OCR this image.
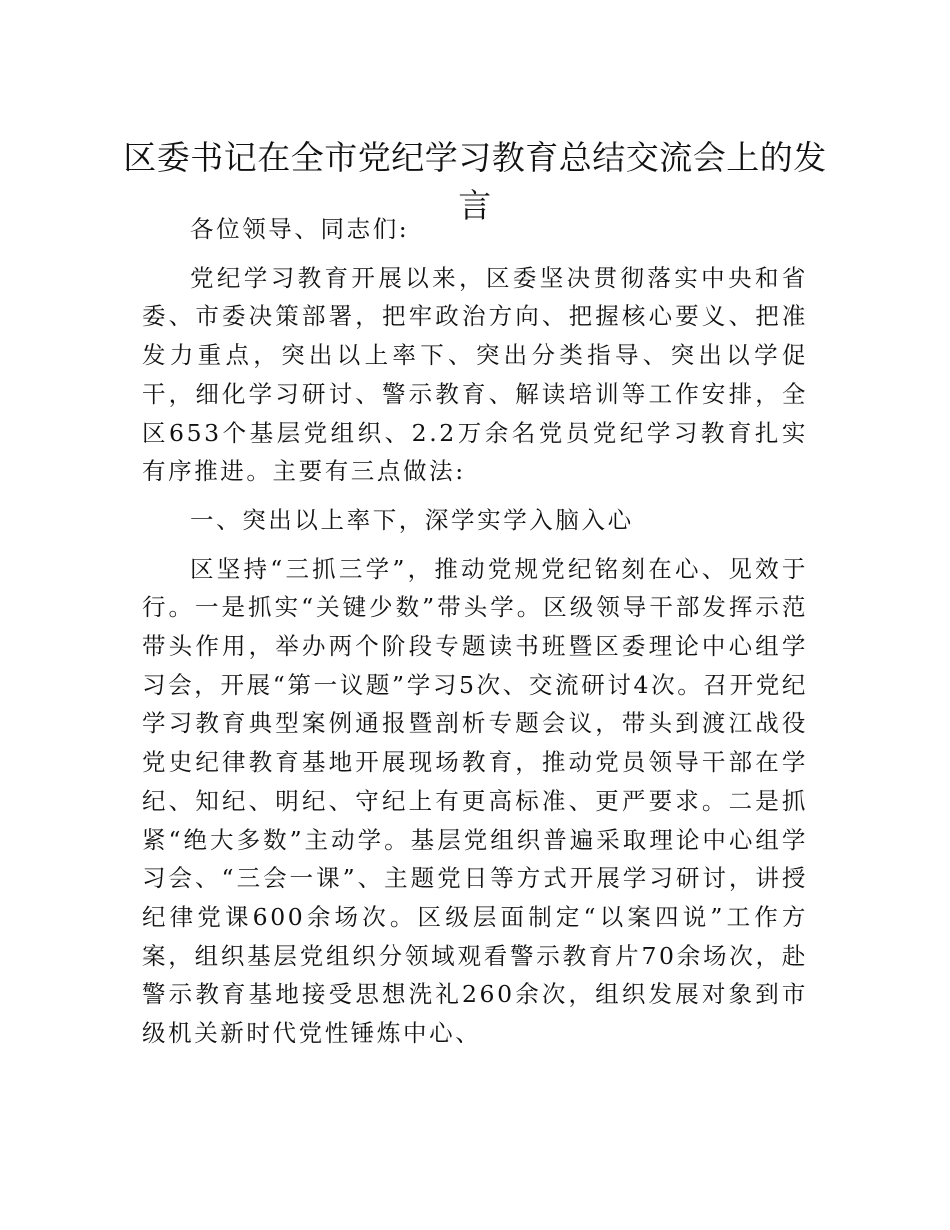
区委书记在全市党纪学习教育总结交流会上的发言

各位领导、同志们:

党纪学习教育开展以来，区委坚决贯彻落实中央和省委、市委决策部署，把牢政治方向、把握核心要义、把准发力重点，突出以上率下、突出分类指导、突出以学促干，细化学习研讨、警示教育、解读培训等工作安排，全区653个基层党组织、2.2万余名党员党纪学习教育扎实有序推进。主要有三点做法:

一、突出以上率下，深学实学入脑入心

区坚持“三抓三学”，推动党规党纪铭刻在心、见效于行。一是抓实“关键少数”带头学。区级领导干部发挥示范带头作用，举办两个阶段专题读书班暨区委理论中心组学习会，开展“第一议题”学习5次、交流研讨4次。召开党纪学习教育典型案例通报暨剖析专题会议，带头到渡江战役党史纪律教育基地开展现场教育，推动党员领导干部在学纪、知纪、明纪、守纪上有更高标准、更严要求。二是抓紧“绝大多数”主动学。基层党组织普遍采取理论中心组学习会、“三会一课”、主题党日等方式开展学习研讨，讲授纪律党课600余场次。区级层面制定“以案四说”工作方案，组织基层党组织分领域观看警示教育片70余场次，赴警示教育基地接受思想洗礼260余次，组织发展对象到市级机关新时代党性锤炼中心、
